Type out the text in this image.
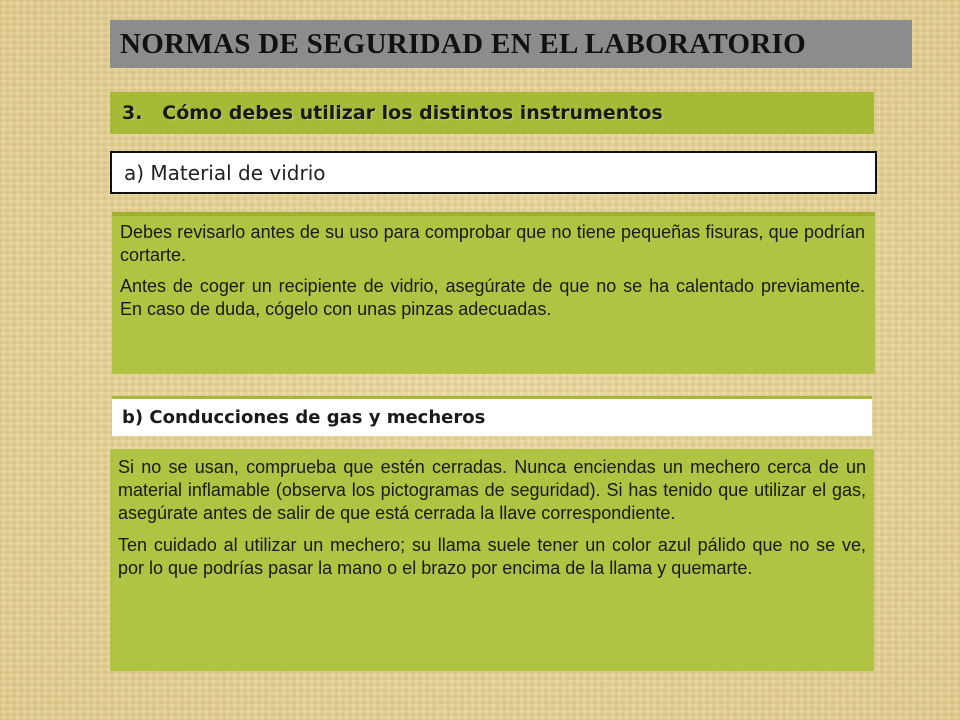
NORMAS DE SEGURIDAD EN EL LABORATORIO
3.   Cómo debes utilizar los distintos instrumentos
a) Material de vidrio

Debes revisarlo antes de su uso para comprobar que no tiene pequeñas fisuras, que podrían cortarte.

Antes de coger un recipiente de vidrio, asegúrate de que no se ha calentado previamente. En caso de duda, cógelo con unas pinzas adecuadas.

b) Conducciones de gas y mecheros

Si no se usan, comprueba que estén cerradas. Nunca enciendas un mechero cerca de un material inflamable (observa los pictogramas de seguridad). Si has tenido que utilizar el gas, asegúrate antes de salir de que está cerrada la llave correspondiente.

Ten cuidado al utilizar un mechero; su llama suele tener un color azul pálido que no se ve, por lo que podrías pasar la mano o el brazo por encima de la llama y quemarte.
